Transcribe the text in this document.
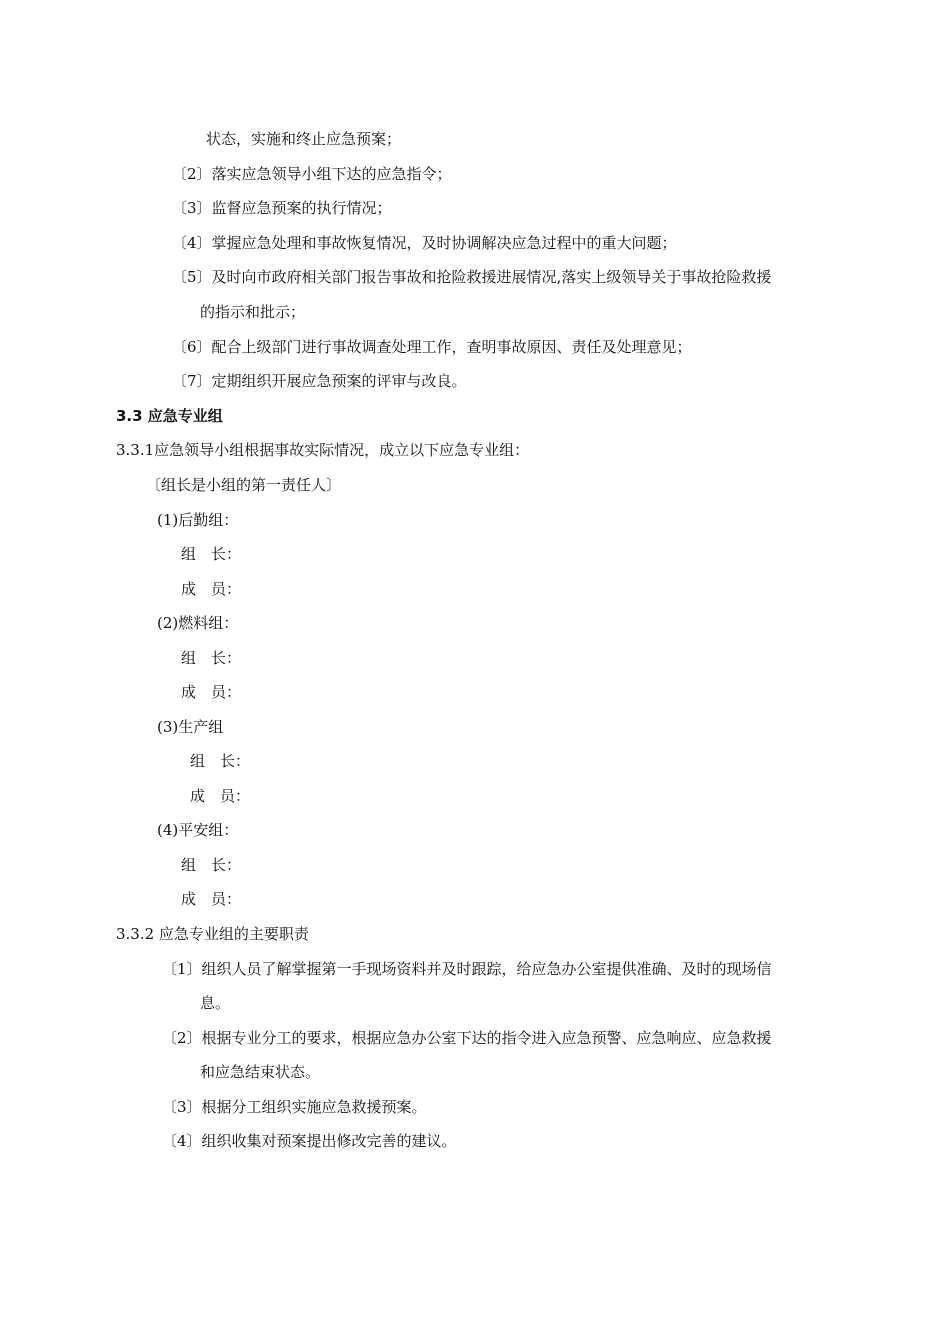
状态，实施和终止应急预案；
〔2〕落实应急领导小组下达的应急指令；
〔3〕监督应急预案的执行情况；
〔4〕掌握应急处理和事故恢复情况，及时协调解决应急过程中的重大问题；
〔5〕及时向市政府相关部门报告事故和抢险救援进展情况,落实上级领导关于事故抢险救援
的指示和批示；
〔6〕配合上级部门进行事故调查处理工作，查明事故原因、责任及处理意见；
〔7〕定期组织开展应急预案的评审与改良。
3.3 应急专业组
3.3.1应急领导小组根据事故实际情况，成立以下应急专业组：
〔组长是小组的第一责任人〕
(1)后勤组：
组　长：
成　员：
(2)燃料组：
组　长：
成　员：
(3)生产组
组　长：
成　员：
(4)平安组：
组　长：
成　员：
3.3.2 应急专业组的主要职责
〔1〕组织人员了解掌握第一手现场资料并及时跟踪，给应急办公室提供准确、及时的现场信
息。
〔2〕根据专业分工的要求，根据应急办公室下达的指令进入应急预警、应急响应、应急救援
和应急结束状态。
〔3〕根据分工组织实施应急救援预案。
〔4〕组织收集对预案提出修改完善的建议。
